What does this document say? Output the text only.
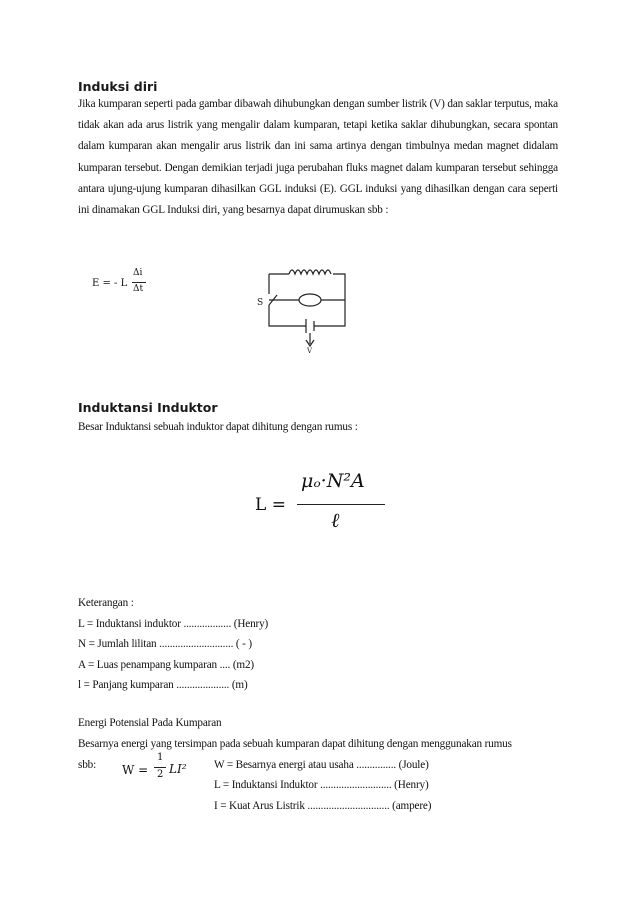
Induksi diri
Jika kumparan seperti pada gambar dibawah dihubungkan dengan sumber listrik (V) dan saklar terputus, maka tidak akan ada arus listrik yang mengalir dalam kumparan, tetapi ketika saklar dihubungkan, secara spontan dalam kumparan akan mengalir arus listrik dan ini sama artinya dengan timbulnya medan magnet didalam kumparan tersebut. Dengan demikian terjadi juga perubahan fluks magnet dalam kumparan tersebut sehingga antara ujung-ujung kumparan dihasilkan GGL induksi (E). GGL induksi yang dihasilkan dengan cara seperti ini dinamakan GGL Induksi diri, yang besarnya dapat dirumuskan sbb :
E = - L
Δi
Δt
S
V
Induktansi Induktor
Besar Induktansi sebuah induktor dapat dihitung dengan rumus :
L =
μₒ·N²A
ℓ
Keterangan :
L = Induktansi induktor .................. (Henry)
N = Jumlah lilitan ............................ ( - )
A = Luas penampang kumparan .... (m2)
l = Panjang kumparan .................... (m)
Energi Potensial Pada Kumparan
Besarnya energi yang tersimpan pada sebuah kumparan dapat dihitung dengan menggunakan rumus
sbb: W =
1
2 LI² W = Besarnya energi atau usaha ............... (Joule)
L = Induktansi Induktor ........................... (Henry)
I = Kuat Arus Listrik ............................... (ampere)
